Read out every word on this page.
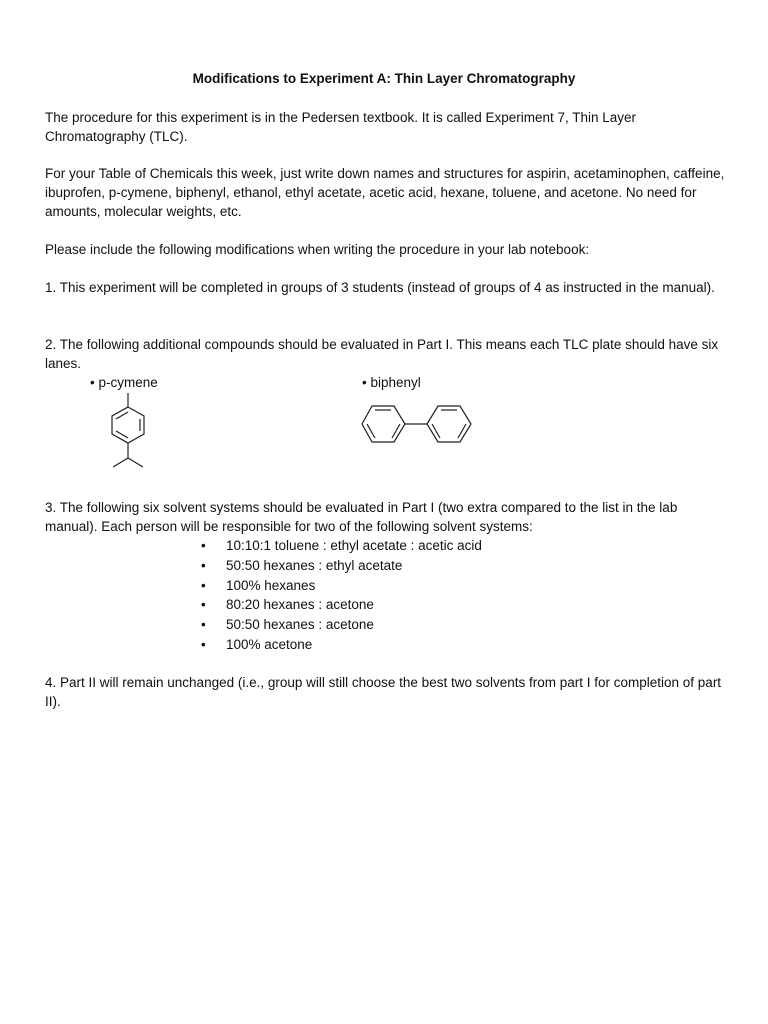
Modifications to Experiment A: Thin Layer Chromatography

The procedure for this experiment is in the Pedersen textbook. It is called Experiment 7, Thin Layer Chromatography (TLC).

For your Table of Chemicals this week, just write down names and structures for aspirin, acetaminophen, caffeine, ibuprofen, p-cymene, biphenyl, ethanol, ethyl acetate, acetic acid, hexane, toluene, and acetone. No need for amounts, molecular weights, etc.

Please include the following modifications when writing the procedure in your lab notebook:

1. This experiment will be completed in groups of 3 students (instead of groups of 4 as instructed in the manual).

2. The following additional compounds should be evaluated in Part I. This means each TLC plate should have six lanes.

• p-cymene	• biphenyl

3. The following six solvent systems should be evaluated in Part I (two extra compared to the list in the lab manual). Each person will be responsible for two of the following solvent systems:

• 10:10:1 toluene : ethyl acetate : acetic acid
• 50:50 hexanes : ethyl acetate
• 100% hexanes
• 80:20 hexanes : acetone
• 50:50 hexanes : acetone
• 100% acetone

4. Part II will remain unchanged (i.e., group will still choose the best two solvents from part I for completion of part II).
